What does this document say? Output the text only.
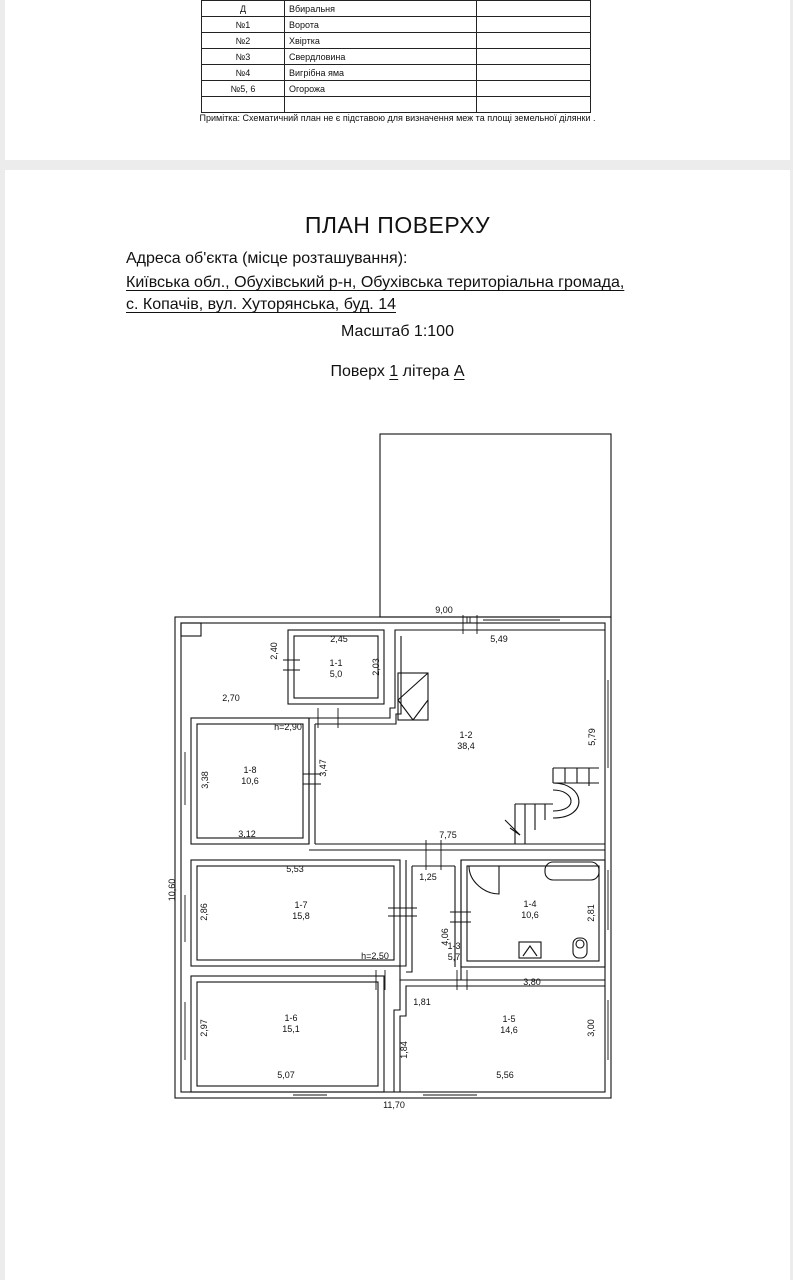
Д	Вбиральня	
№1	Ворота	
№2	Хвіртка	
№3	Свердловина	
№4	Вигрібна яма	
№5, 6	Огорожа	

Примітка: Схематичний план не є підставою для визначення меж та площі земельної ділянки .
ПЛАН ПОВЕРХУ
Адреса об'єкта (місце розташування):
Київська обл., Обухівський р-н, Обухівська територіальна громада,
с. Копачів, вул. Хуторянська, буд. 14
Масштаб 1:100
Поверх 1 літера А
1-1
5,0
1-2
38,4
1-3
5,7
1-4
10,6
1-5
14,6
1-6
15,1
1-7
15,8
1-8
10,6
11,70
10,60
9,00
5,49
5,79
2,45
2,40
2,03
2,70
h=2,90
3,38
3,47
3,12	7,75
5,53
1,25
2,86
4,06
2,81
h=2,50
3,80
1,81
2,97	3,00
1,84
5,07	5,56
